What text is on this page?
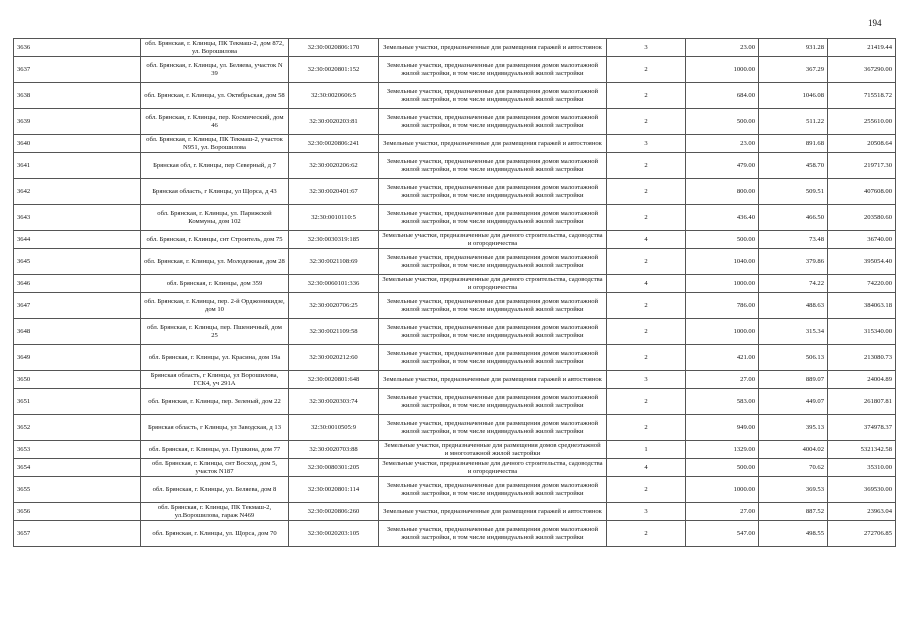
194
3636	обл. Брянская, г. Клинцы, ПК Текмаш-2, дом 872, ул. Ворошилова	32:30:0020806:170	Земельные участки, предназначенные для размещения гаражей и автостоянок	3	23.00	931.28	21419.44
3637	обл. Брянская, г. Клинцы, ул. Беляева, участок N 39	32:30:0020801:152	Земельные участки, предназначенные для размещения домов малоэтажной жилой застройки, в том числе индивидуальной жилой застройки	2	1000.00	367.29	367290.00
3638	обл. Брянская, г. Клинцы, ул. Октябрьская, дом 58	32:30:0020606:5	Земельные участки, предназначенные для размещения домов малоэтажной жилой застройки, в том числе индивидуальной жилой застройки	2	684.00	1046.08	715518.72
3639	обл. Брянская, г. Клинцы, пер. Космический, дом 46	32:30:0020203:81	Земельные участки, предназначенные для размещения домов малоэтажной жилой застройки, в том числе индивидуальной жилой застройки	2	500.00	511.22	255610.00
3640	обл. Брянская, г. Клинцы, ПК Текмаш-2, участок N951, ул. Ворошилова	32:30:0020806:241	Земельные участки, предназначенные для размещения гаражей и автостоянок	3	23.00	891.68	20508.64
3641	Брянская обл, г. Клинцы, пер Северный, д 7	32:30:0020206:62	Земельные участки, предназначенные для размещения домов малоэтажной жилой застройки, в том числе индивидуальной жилой застройки	2	479.00	458.70	219717.30
3642	Брянская область, г Клинцы, ул Щорса, д 43	32:30:0020401:67	Земельные участки, предназначенные для размещения домов малоэтажной жилой застройки, в том числе индивидуальной жилой застройки	2	800.00	509.51	407608.00
3643	обл. Брянская, г. Клинцы, ул. Парижской Коммуны, дом 102	32:30:0010110:5	Земельные участки, предназначенные для размещения домов малоэтажной жилой застройки, в том числе индивидуальной жилой застройки	2	436.40	466.50	203580.60
3644	обл. Брянская, г. Клинцы, снт Строитель, дом 75	32:30:0030319:185	Земельные участки, предназначенные для дачного строительства, садоводства и огородничества	4	500.00	73.48	36740.00
3645	обл. Брянская, г. Клинцы, ул. Молодежная, дом 28	32:30:0021108:69	Земельные участки, предназначенные для размещения домов малоэтажной жилой застройки, в том числе индивидуальной жилой застройки	2	1040.00	379.86	395054.40
3646	обл. Брянская, г. Клинцы, дом 359	32:30:0060101:336	Земельные участки, предназначенные для дачного строительства, садоводства и огородничества	4	1000.00	74.22	74220.00
3647	обл. Брянская, г. Клинцы, пер. 2-й Орджоникидзе, дом 10	32:30:0020706:25	Земельные участки, предназначенные для размещения домов малоэтажной жилой застройки, в том числе индивидуальной жилой застройки	2	786.00	488.63	384063.18
3648	обл. Брянская, г. Клинцы, пер. Пшеничный, дом 25	32:30:0021109:58	Земельные участки, предназначенные для размещения домов малоэтажной жилой застройки, в том числе индивидуальной жилой застройки	2	1000.00	315.34	315340.00
3649	обл. Брянская, г. Клинцы, ул. Красина, дом 19а	32:30:0020212:60	Земельные участки, предназначенные для размещения домов малоэтажной жилой застройки, в том числе индивидуальной жилой застройки	2	421.00	506.13	213080.73
3650	Брянская область, г Клинцы, ул Ворошилова, ГСК4, уч 291А	32:30:0020801:648	Земельные участки, предназначенные для размещения гаражей и автостоянок	3	27.00	889.07	24004.89
3651	обл. Брянская, г. Клинцы, пер. Зеленый, дом 22	32:30:0020303:74	Земельные участки, предназначенные для размещения домов малоэтажной жилой застройки, в том числе индивидуальной жилой застройки	2	583.00	449.07	261807.81
3652	Брянская область, г Клинцы, ул Заводская, д 13	32:30:0010505:9	Земельные участки, предназначенные для размещения домов малоэтажной жилой застройки, в том числе индивидуальной жилой застройки	2	949.00	395.13	374978.37
3653	обл. Брянская, г. Клинцы, ул. Пушкина, дом 77	32:30:0020703:88	Земельные участки, предназначенные для размещения домов среднеэтажной и многоэтажной жилой застройки	1	1329.00	4004.02	5321342.58
3654	обл. Брянская, г. Клинцы, снт Восход, дом 5, участок N187	32:30:0080301:205	Земельные участки, предназначенные для дачного строительства, садоводства и огородничества	4	500.00	70.62	35310.00
3655	обл. Брянская, г. Клинцы, ул. Беляева, дом 8	32:30:0020801:114	Земельные участки, предназначенные для размещения домов малоэтажной жилой застройки, в том числе индивидуальной жилой застройки	2	1000.00	369.53	369530.00
3656	обл. Брянская, г. Клинцы, ПК Текмаш-2, ул.Ворошилова, гараж N469	32:30:0020806:260	Земельные участки, предназначенные для размещения гаражей и автостоянок	3	27.00	887.52	23963.04
3657	обл. Брянская, г. Клинцы, ул. Щорса, дом 70	32:30:0020203:105	Земельные участки, предназначенные для размещения домов малоэтажной жилой застройки, в том числе индивидуальной жилой застройки	2	547.00	498.55	272706.85
